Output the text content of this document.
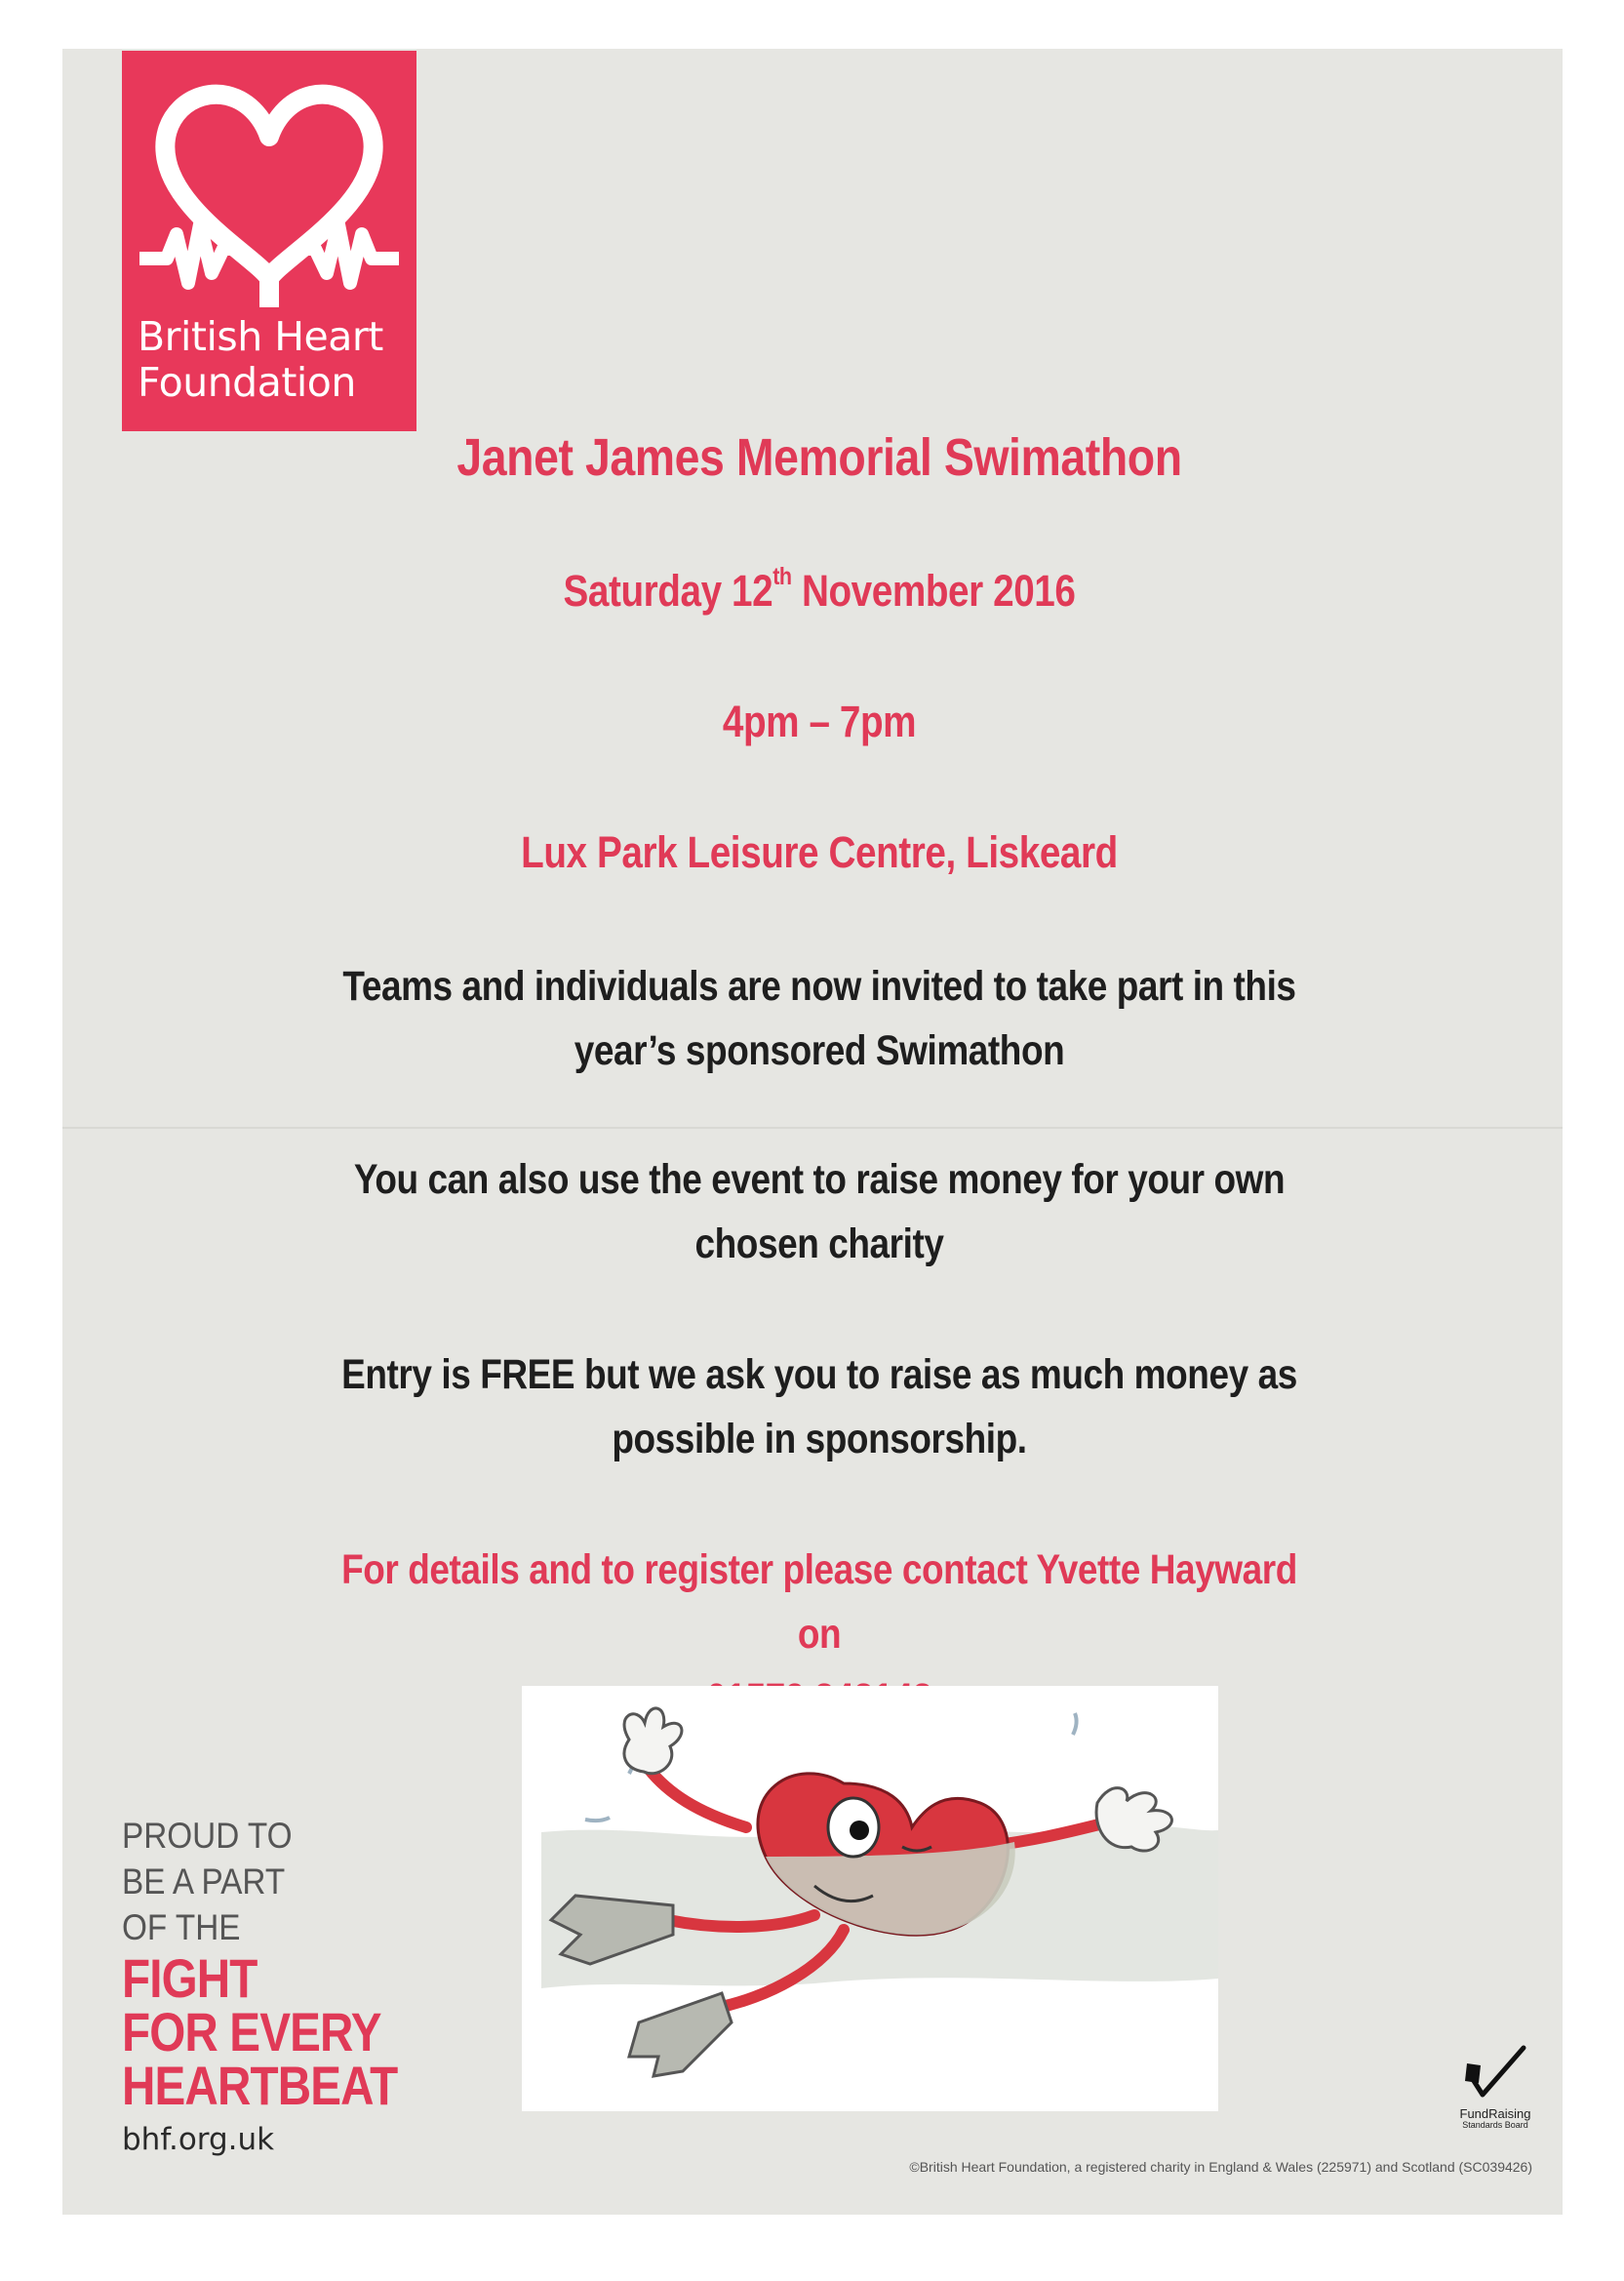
British Heart
Foundation
Janet James Memorial Swimathon
Saturday 12th November 2016
4pm – 7pm
Lux Park Leisure Centre, Liskeard
Teams and individuals are now invited to take part in this
year’s sponsored Swimathon
You can also use the event to raise money for your own
chosen charity
Entry is FREE but we ask you to raise as much money as
possible in sponsorship.
For details and to register please contact Yvette Hayward on
PROUD TO
BE A PART
OF THE
FIGHT
FOR EVERY
HEARTBEAT
bhf.org.uk
FundRaising
Standards Board
©British Heart Foundation, a registered charity in England & Wales (225971) and Scotland (SC039426)
